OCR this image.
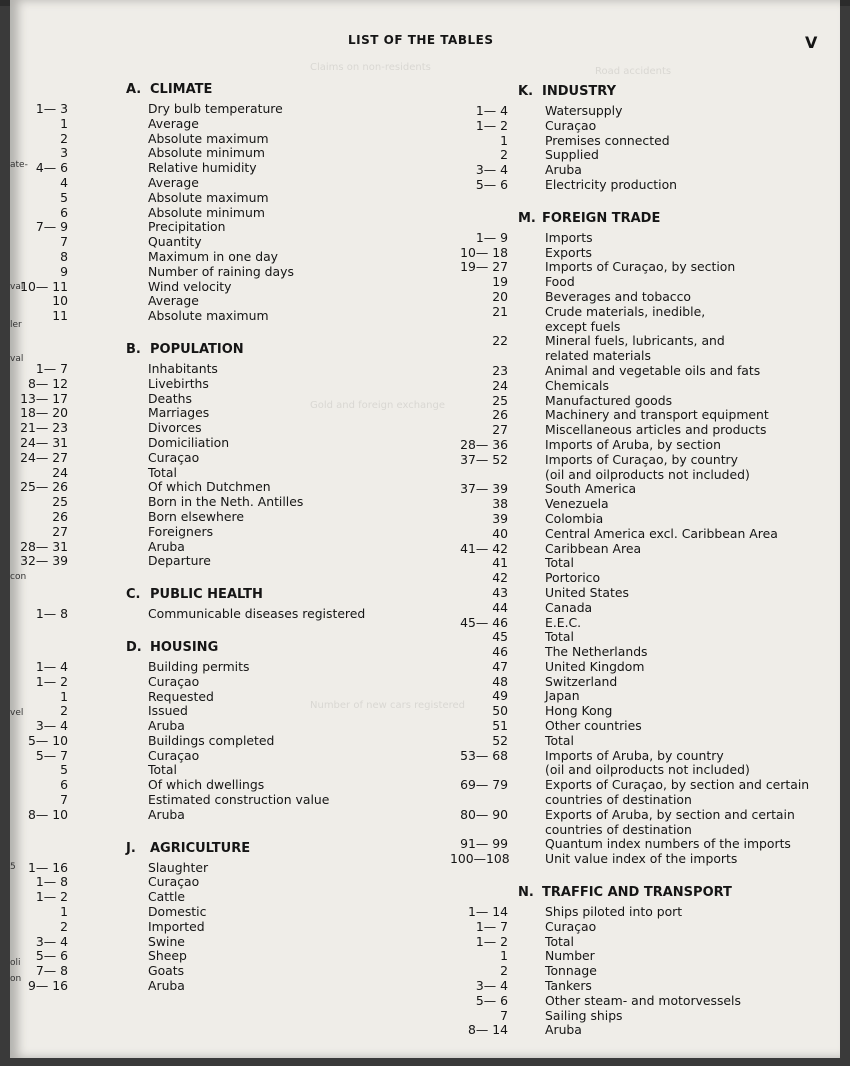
Road accidents
Claims on non-residents
Gold and foreign exchange
Number of new cars registered
LIST OF THE TABLES	V
ate-
val
ler
val
con
vel
5
oli
on
A. CLIMATE
1— 3	Dry bulb temperature
1	Average
2	Absolute maximum
3	Absolute minimum
4— 6	Relative humidity
4	Average
5	Absolute maximum
6	Absolute minimum
7— 9	Precipitation
7	Quantity
8	Maximum in one day
9	Number of raining days
10— 11	Wind velocity
10	Average
11	Absolute maximum
B. POPULATION
1— 7	Inhabitants
8— 12	Livebirths
13— 17	Deaths
18— 20	Marriages
21— 23	Divorces
24— 31	Domiciliation
24— 27	Curaçao
24	Total
25— 26	Of which Dutchmen
25	Born in the Neth. Antilles
26	Born elsewhere
27	Foreigners
28— 31	Aruba
32— 39	Departure
C. PUBLIC HEALTH
1— 8	Communicable diseases registered
D. HOUSING
1— 4	Building permits
1— 2	Curaçao
1	Requested
2	Issued
3— 4	Aruba
5— 10	Buildings completed
5— 7	Curaçao
5	Total
6	Of which dwellings
7	Estimated construction value
8— 10	Aruba
J. AGRICULTURE
1— 16	Slaughter
1— 8	Curaçao
1— 2	Cattle
1	Domestic
2	Imported
3— 4	Swine
5— 6	Sheep
7— 8	Goats
9— 16	Aruba
K. INDUSTRY
1— 4	Watersupply
1— 2	Curaçao
1	Premises connected
2	Supplied
3— 4	Aruba
5— 6	Electricity production
M. FOREIGN TRADE
1— 9	Imports
10— 18	Exports
19— 27	Imports of Curaçao, by section
19	Food
20	Beverages and tobacco
21	Crude materials, inedible,
except fuels
22	Mineral fuels, lubricants, and
related materials
23	Animal and vegetable oils and fats
24	Chemicals
25	Manufactured goods
26	Machinery and transport equipment
27	Miscellaneous articles and products
28— 36	Imports of Aruba, by section
37— 52	Imports of Curaçao, by country
(oil and oilproducts not included)
37— 39	South America
38	Venezuela
39	Colombia
40	Central America excl. Caribbean Area
41— 42	Caribbean Area
41	Total
42	Portorico
43	United States
44	Canada
45— 46	E.E.C.
45	Total
46	The Netherlands
47	United Kingdom
48	Switzerland
49	Japan
50	Hong Kong
51	Other countries
52	Total
53— 68	Imports of Aruba, by country
(oil and oilproducts not included)
69— 79	Exports of Curaçao, by section and certain
countries of destination
80— 90	Exports of Aruba, by section and certain
countries of destination
91— 99	Quantum index numbers of the imports
100—108	Unit value index of the imports
N. TRAFFIC AND TRANSPORT
1— 14	Ships piloted into port
1— 7	Curaçao
1— 2	Total
1	Number
2	Tonnage
3— 4	Tankers
5— 6	Other steam- and motorvessels
7	Sailing ships
8— 14	Aruba
